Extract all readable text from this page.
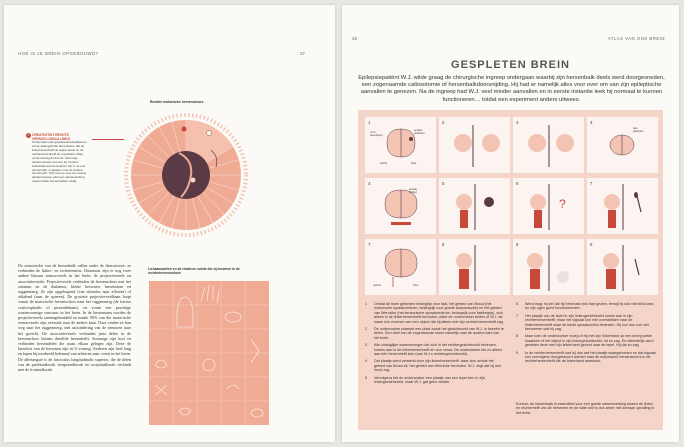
HOE IS JE BREIN OPGEBOUWD?	27
Rechter motorische hersenschors
! CREATIVITEIT RECHTS
VERSUS LOGICA LINKS
Onderzoek naar gespletenbreinpatiënten wordt vaak gebruikt als bekeken dat de linkerhersenhelft de logica bezat en de rechterhersenhelft de creativiteit. Maar onzerzoeksig dit dit niet. Sommige denkprocessen kunnen bij mensen inderdaad wat dominanter zijn in de ene hersenhelft, ongeteken met de andere hersenhelft. Toch hoor je voor de meeste denkprocessen juist een samenwerking tussen beide hersenhelften nodig.
De sensorische van de hersenbalk vallen onder de denconsiste: ze verbinden de linker- en rechterhemis. Daarnaast zijn er nog twee andere klassen zenuwvezels in het brein: de projectievezels en associatievezels. Projectievezels verbinden de hersenschors met het striatum en de thalamus, kleine hersenen, hersenstam en ruggenmerg. Ze zijn opgebogend (van stimulus naar afferent) of afdalend (naar de spieren). De grootste projectievezelbaan loopt vanuit de motorische hersenschors naar het ruggenmerg (de tractus corticospinalis of piramidebaan), en vormt een prachtige waaiervormige structuur in het brein. In de hersenstam worden de projectievezels samengebundeld en maakt 90% van die motorische zenuwvezels zijn overstek naar de andere kant. Daar vinden ze hun weg naar het ruggenmerg, met uitzondering van de zenuwen naar het gezicht. De associatievezels verbinden juist delen in de hersenschors binnen dezelfde hersenhelft. Sommige zijn kort en verbinden hersendelen die naast elkaar gelegen zijn. Deze de knoeksis van de hersenen zijn in U-vormig. Anderen zijn heel lang en lopen bijvoorbeeld helemaal van achteren naar voren in het brein. De allerlangste is de fasciculus longitudinalis superior, die de delen van de pariëtaalkwab, temporaalkwab en occipitaalkwab verbindt met de frontaalkwab.
Lichaamsdelen en de relatieve ruimte die zij innemen in de rechterhersenschors
26	ATLAS VAN ONS BREIN
GESPLETEN BREIN
Epilepsiepatiënt W.J. wilde graag de chirurgische ingreep ondergaan waarbij zijn hersenbalk deels werd doorgesneden, een zogenaamde callosotomie of hersenbalkdoorsnijding. Hij had er namelijk alles voor over om van zijn epileptische aanvallen te genezen. Na de ingreep had W.J. veel minder aanvallen en in eerste instantie leek hij normaal te kunnen functioneren… totdat een experiment anders uitwees.
1
vorm
bevestigen
spraak-
gebieden
rechts	links
2	3	3
tast-
gebieden
4
spraak-
gebied
5	6
?
7
7
rechter	links
8	9	9
1 Omdat de twee gebieden belangrijk voor taal, het gebied van Broca (het motorische spraakcentrum, belangrijk voor goede taalproductie) en het gebied van Wernicke (het sensorische spraakcentrum, belangrijk voor taalbegrip), zich alleen in de linkerhersenhelft bevinden, wilde de onderzoeker testen of W.J. de naam kon noemen van een object dat hij alleen met zijn rechterhersenhelft zag.
2 De onderzoeker plaatste een plaat zodat het gezichtsveld van W.J. in tweeën te delen. Een deel van de zogenaamde kruist namelijk naar de andere kant van het brein.
3 Alle zintuiglijke waarnemingen die zich in het rechtergezichtsveld bevinden, komen aan in de linkerhersenhelft en vice versa. De onderzoeker liet zo alleen aan één hersenhelft zien (aan W.J.s rechtergezichtsveld).
4 Dat plaatje werd verwerkt door zijn linkerhersenhelft, waar zich omdat het gebied van Broca zit, het gebied van Wernicke bevinden. W.J. zegt dat hij een hond zag.
5 Vervolgens liet de onderzoeker een plaatje van een lepel zien in zijn linkergezichtsveld, maar W.J. gaf geen reactie.
6 Werd mag; hij zei dat hij helemaal niks had gezien, terwijl hij ook niet blind was en zijn ogen goed functioneerden.
7 Het plaatje van de lepel in zijn linkergezichtsveld kwam aan in zijn rechterhersenhelft, maar het signaal kon niet overstekken naar de linkerhersenhelft waar de beide spraakcentra bevinden. Hij kon dus ook niet benoemen wat hij zag.
8 Maar toen de onderzoeker vroeg of hij met zijn linkerhand op een kreeg welke kraakken of het object in zijn linkergezichtsveld, tot zo zag. En uiteindelijk werd gesleten deze met zijn linkerhand gericht naar de lepel. Hij dat zo zag.
9 In de rechterhersenhelft had hij dus wel het plaatje waargenomen en dat signaal kon vervolgens doorgestuurd worden naar de motorische hersenschors in de rechterhersenhelft die de linkerhand aanstuurt.
Kortom: de hersenbalk is essentieel voor een goede samenwerking tussen de linker- en rechterhelft van de hersenen en de witte stof is dus zeker niet zomaar opvulling in het brein.
